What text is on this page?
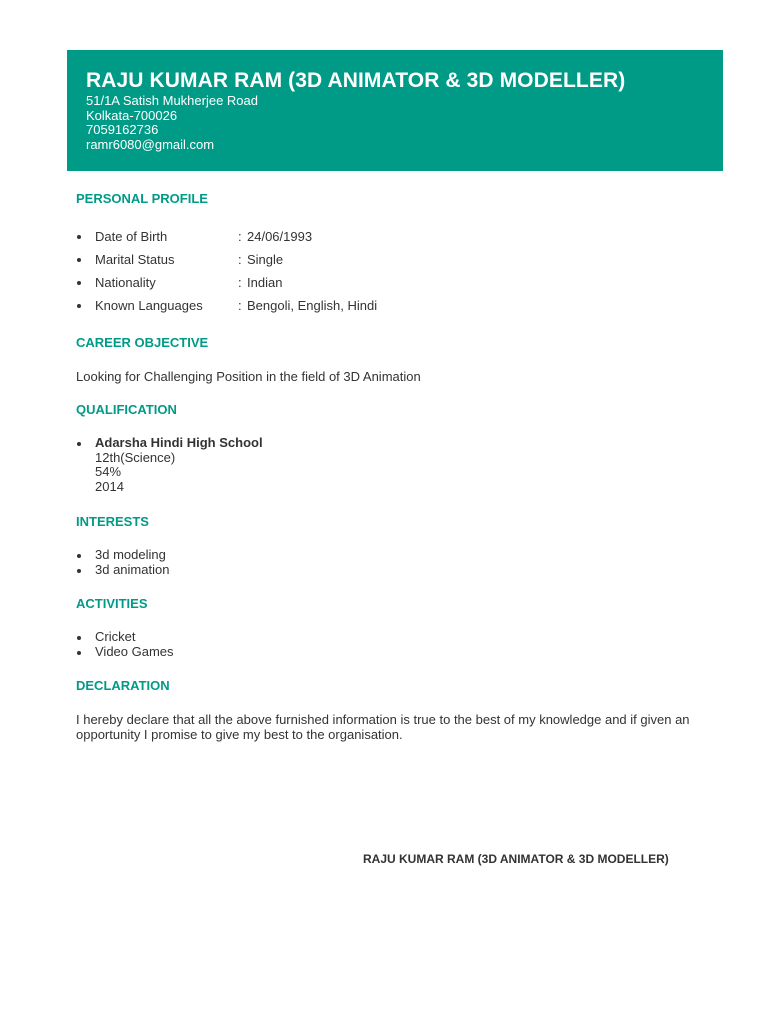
RAJU KUMAR RAM (3D ANIMATOR & 3D MODELLER)
51/1A Satish Mukherjee Road
Kolkata-700026
7059162736
ramr6080@gmail.com
PERSONAL PROFILE
Date of Birth	: 24/06/1993
Marital Status	: Single
Nationality	: Indian
Known Languages	: Bengoli, English, Hindi
CAREER OBJECTIVE
Looking for Challenging Position in the field of 3D Animation
QUALIFICATION
Adarsha Hindi High School
12th(Science)
54%
2014
INTERESTS
3d modeling
3d animation
ACTIVITIES
Cricket
Video Games
DECLARATION
I hereby declare that all the above furnished information is true to the best of my knowledge and if given an opportunity I promise to give my best to the organisation.
RAJU KUMAR RAM (3D ANIMATOR & 3D MODELLER)
